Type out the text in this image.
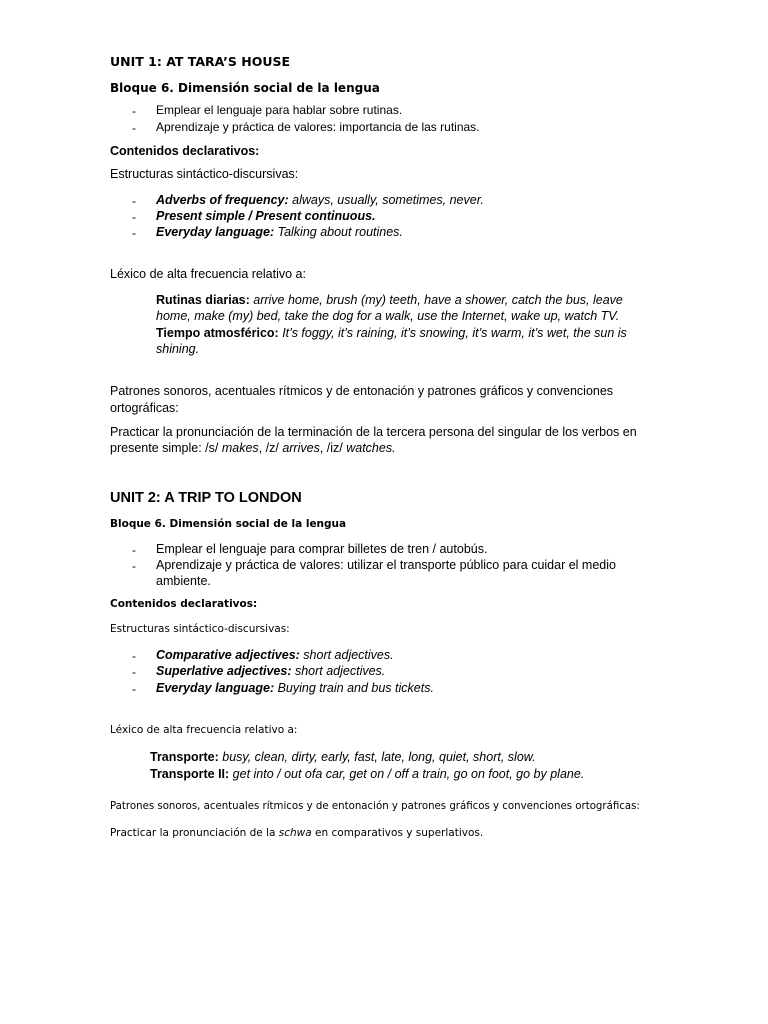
UNIT 1: AT TARA’S HOUSE
Bloque 6. Dimensión social de la lengua
- Emplear el lenguaje para hablar sobre rutinas.
- Aprendizaje y práctica de valores: importancia de las rutinas.
Contenidos declarativos:
Estructuras sintáctico-discursivas:
- Adverbs of frequency: always, usually, sometimes, never.
- Present simple / Present continuous.
- Everyday language: Talking about routines.
Léxico de alta frecuencia relativo a:
Rutinas diarias: arrive home, brush (my) teeth, have a shower, catch the bus, leave
home, make (my) bed, take the dog for a walk, use the Internet, wake up, watch TV.
Tiempo atmosférico: It’s foggy, it’s raining, it’s snowing, it’s warm, it’s wet, the sun is
shining.
Patrones sonoros, acentuales rítmicos y de entonación y patrones gráficos y convenciones
ortográficas:
Practicar la pronunciación de la terminación de la tercera persona del singular de los verbos en
presente simple: /s/ makes, /z/ arrives, /iz/ watches.
UNIT 2: A TRIP TO LONDON
Bloque 6. Dimensión social de la lengua
- Emplear el lenguaje para comprar billetes de tren / autobús.
- Aprendizaje y práctica de valores: utilizar el transporte público para cuidar el medio
ambiente.
Contenidos declarativos:
Estructuras sintáctico-discursivas:
- Comparative adjectives: short adjectives.
- Superlative adjectives: short adjectives.
- Everyday language: Buying train and bus tickets.
Léxico de alta frecuencia relativo a:
Transporte: busy, clean, dirty, early, fast, late, long, quiet, short, slow.
Transporte II: get into / out ofa car, get on / off a train, go on foot, go by plane.
Patrones sonoros, acentuales rítmicos y de entonación y patrones gráficos y convenciones ortográficas:
Practicar la pronunciación de la schwa en comparativos y superlativos.
